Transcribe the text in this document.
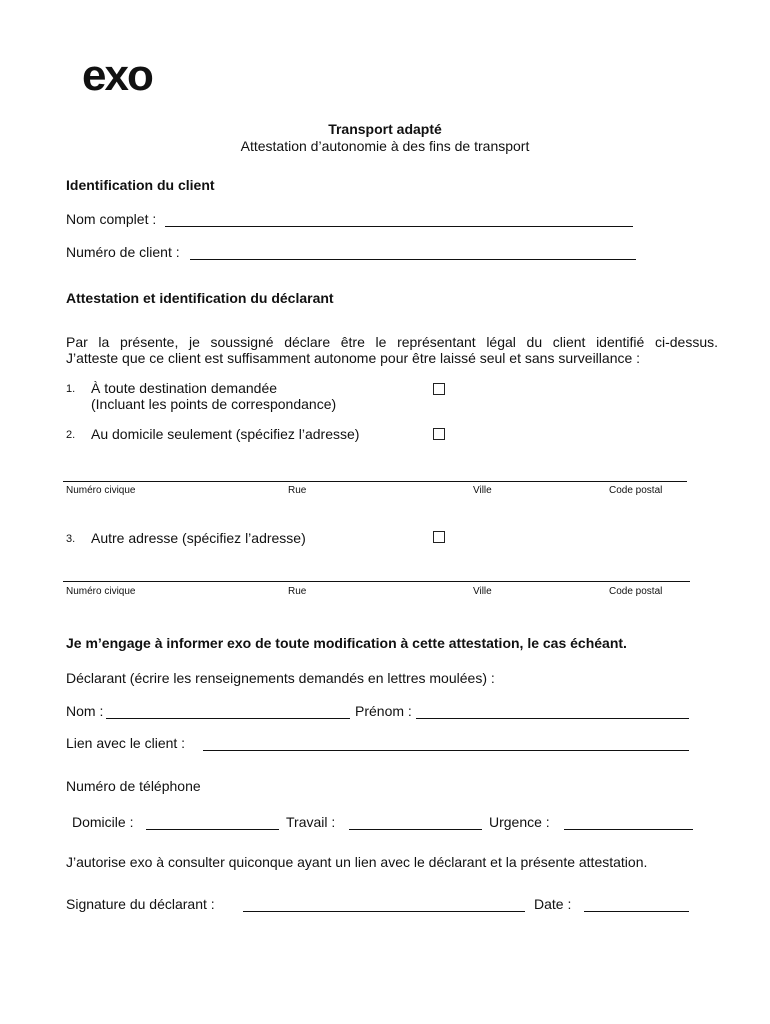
exo
Transport adapté
Attestation d’autonomie à des fins de transport
Identification du client
Nom complet :
Numéro de client :
Attestation et identification du déclarant
Par la présente, je soussigné déclare être le représentant légal du client identifié ci-dessus.
J’atteste que ce client est suffisamment autonome pour être laissé seul et sans surveillance :
1. À toute destination demandée
(Incluant les points de correspondance)
2. Au domicile seulement (spécifiez l’adresse)
Numéro civique	Rue	Ville	Code postal
3. Autre adresse (spécifiez l’adresse)
Numéro civique	Rue	Ville	Code postal
Je m’engage à informer exo de toute modification à cette attestation, le cas échéant.
Déclarant (écrire les renseignements demandés en lettres moulées) :
Nom :	Prénom :
Lien avec le client :
Numéro de téléphone
Domicile :	Travail :	Urgence :
J’autorise exo à consulter quiconque ayant un lien avec le déclarant et la présente attestation.
Signature du déclarant :	Date :
